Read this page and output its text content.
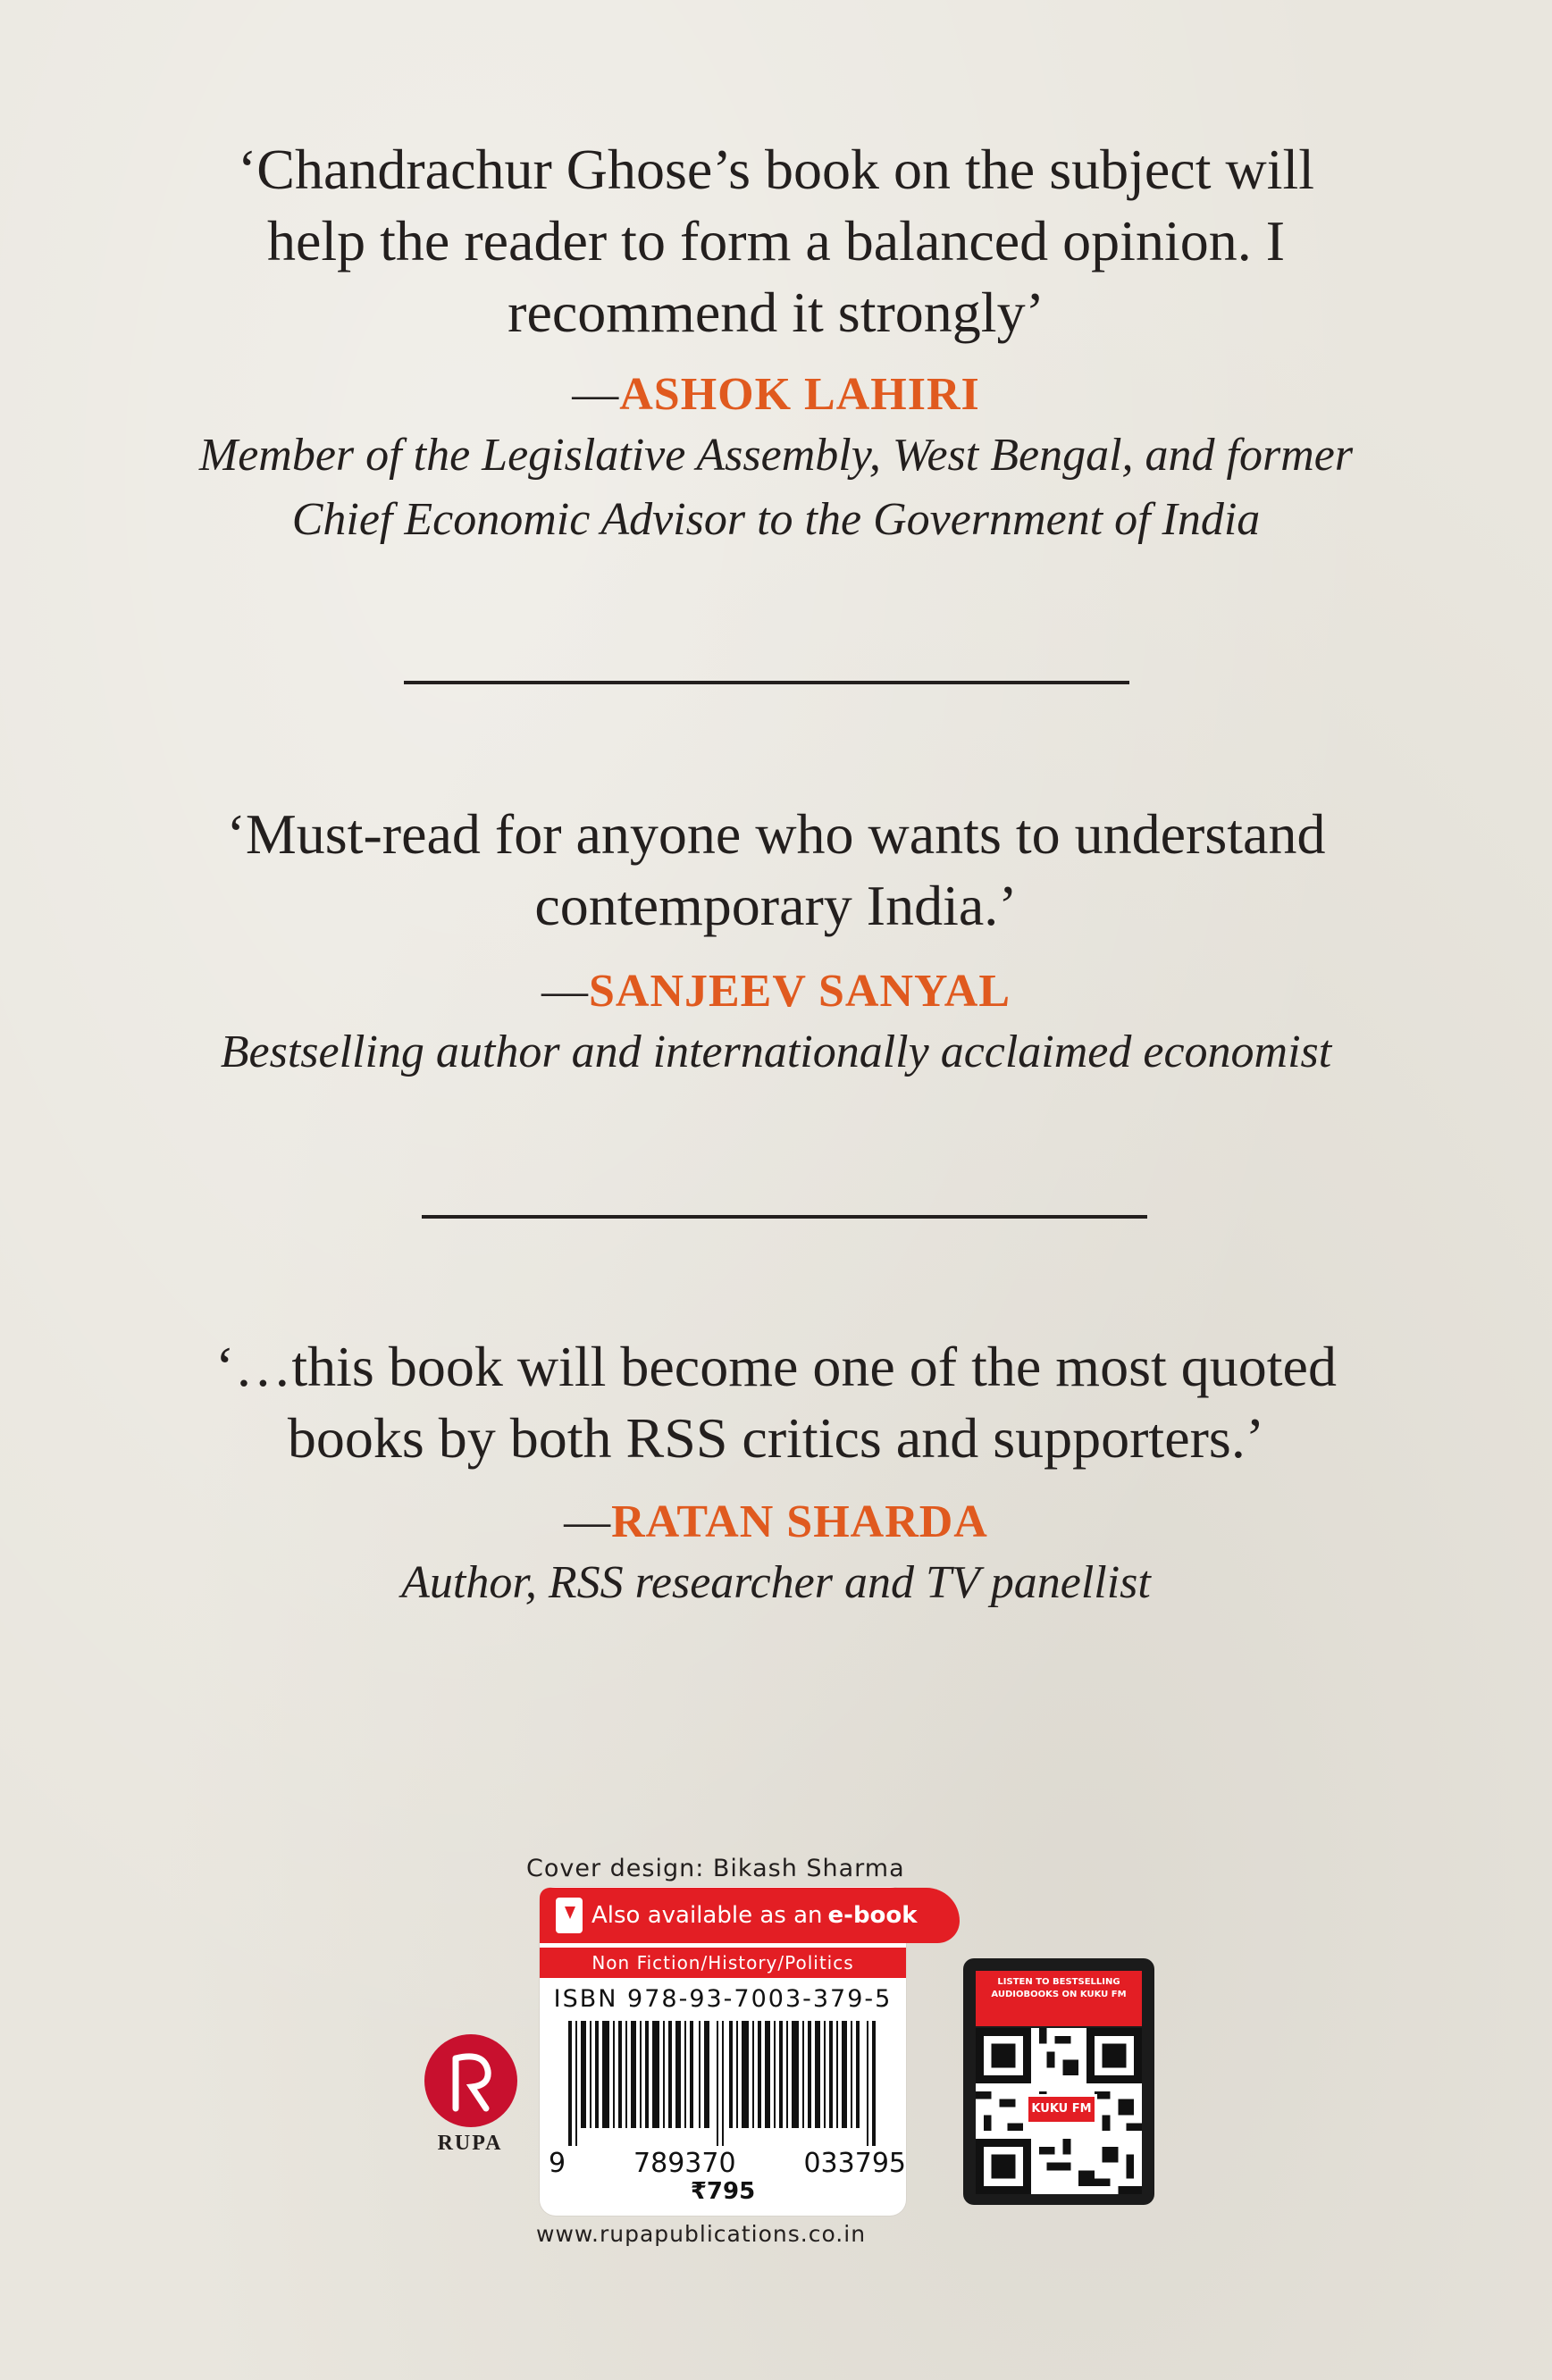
‘Chandrachur Ghose’s book on the subject will

help the reader to form a balanced opinion. I

recommend it strongly’

—ASHOK LAHIRI

Member of the Legislative Assembly, West Bengal, and former

Chief Economic Advisor to the Government of India

‘Must-read for anyone who wants to understand

contemporary India.’

—SANJEEV SANYAL

Bestselling author and internationally acclaimed economist

‘…this book will become one of the most quoted

books by both RSS critics and supporters.’

—RATAN SHARDA

Author, RSS researcher and TV panellist

Cover design: Bikash Sharma
Also available as an e-book
Non Fiction/History/Politics
ISBN 978-93-7003-379-5
9	789370	033795
₹795
www.rupapublications.co.in
RUPA
LISTEN TO BESTSELLING AUDIOBOOKS ON KUKU FM
KUKU FM
